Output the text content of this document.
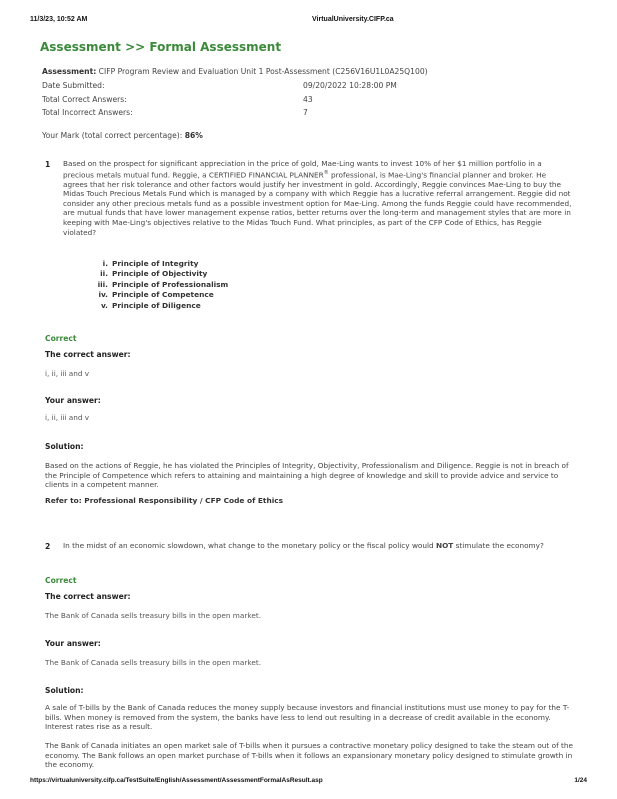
11/3/23, 10:52 AM	VirtualUniversity.CIFP.ca
Assessment >> Formal Assessment
Assessment: CIFP Program Review and Evaluation Unit 1 Post-Assessment (C256V16U1L0A25Q100)
Date Submitted:	09/20/2022 10:28:00 PM
Total Correct Answers:	43
Total Incorrect Answers:	7
Your Mark (total correct percentage): 86%
1 Based on the prospect for significant appreciation in the price of gold, Mae-Ling wants to invest 10% of her $1 million portfolio in a precious metals mutual fund. Reggie, a CERTIFIED FINANCIAL PLANNER® professional, is Mae-Ling's financial planner and broker. He agrees that her risk tolerance and other factors would justify her investment in gold. Accordingly, Reggie convinces Mae-Ling to buy the Midas Touch Precious Metals Fund which is managed by a company with which Reggie has a lucrative referral arrangement. Reggie did not consider any other precious metals fund as a possible investment option for Mae-Ling. Among the funds Reggie could have recommended, are mutual funds that have lower management expense ratios, better returns over the long-term and management styles that are more in keeping with Mae-Ling's objectives relative to the Midas Touch Fund. What principles, as part of the CFP Code of Ethics, has Reggie violated?
i. Principle of Integrity
ii. Principle of Objectivity
iii. Principle of Professionalism
iv. Principle of Competence
v. Principle of Diligence
Correct
The correct answer:
i, ii, iii and v
Your answer:
i, ii, iii and v
Solution:
Based on the actions of Reggie, he has violated the Principles of Integrity, Objectivity, Professionalism and Diligence. Reggie is not in breach of the Principle of Competence which refers to attaining and maintaining a high degree of knowledge and skill to provide advice and service to clients in a competent manner.
Refer to: Professional Responsibility / CFP Code of Ethics
2 In the midst of an economic slowdown, what change to the monetary policy or the fiscal policy would NOT stimulate the economy?
Correct
The correct answer:
The Bank of Canada sells treasury bills in the open market.
Your answer:
The Bank of Canada sells treasury bills in the open market.
Solution:
A sale of T-bills by the Bank of Canada reduces the money supply because investors and financial institutions must use money to pay for the T-bills. When money is removed from the system, the banks have less to lend out resulting in a decrease of credit available in the economy. Interest rates rise as a result.
The Bank of Canada initiates an open market sale of T-bills when it pursues a contractive monetary policy designed to take the steam out of the economy. The Bank follows an open market purchase of T-bills when it follows an expansionary monetary policy designed to stimulate growth in the economy.
https://virtualuniversity.cifp.ca/TestSuite/English/Assessment/AssessmentFormalAsResult.asp	1/24
